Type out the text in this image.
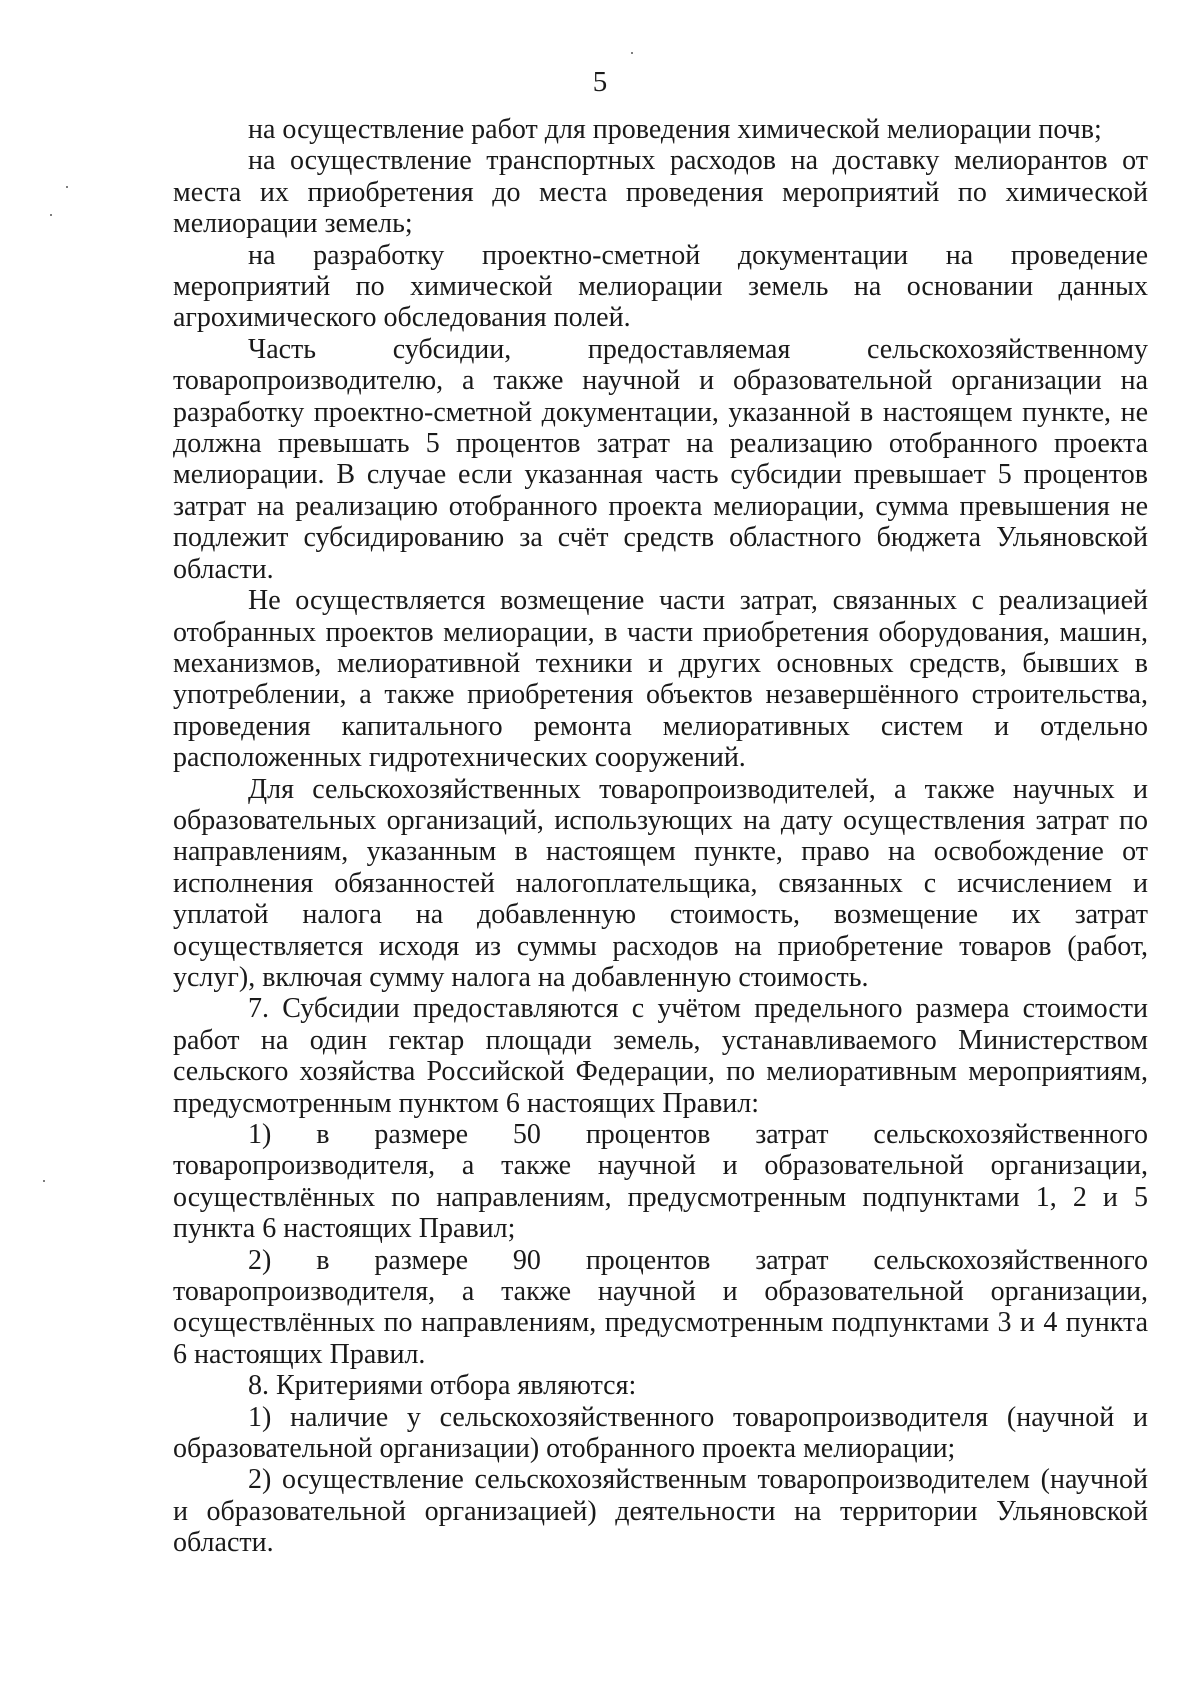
5

на осуществление работ для проведения химической мелиорации почв;

на осуществление транспортных расходов на доставку мелиорантов от места их приобретения до места проведения мероприятий по химической мелиорации земель;

на разработку проектно-сметной документации на проведение мероприятий по химической мелиорации земель на основании данных агрохимического обследования полей.

Часть субсидии, предоставляемая сельскохозяйственному товаропроизводителю, а также научной и образовательной организации на разработку проектно-сметной документации, указанной в настоящем пункте, не должна превышать 5 процентов затрат на реализацию отобранного проекта мелиорации. В случае если указанная часть субсидии превышает 5 процентов затрат на реализацию отобранного проекта мелиорации, сумма превышения не подлежит субсидированию за счёт средств областного бюджета Ульяновской области.

Не осуществляется возмещение части затрат, связанных с реализацией отобранных проектов мелиорации, в части приобретения оборудования, машин, механизмов, мелиоративной техники и других основных средств, бывших в употреблении, а также приобретения объектов незавершённого строительства, проведения капитального ремонта мелиоративных систем и отдельно расположенных гидротехнических сооружений.

Для сельскохозяйственных товаропроизводителей, а также научных и образовательных организаций, использующих на дату осуществления затрат по направлениям, указанным в настоящем пункте, право на освобождение от исполнения обязанностей налогоплательщика, связанных с исчислением и уплатой налога на добавленную стоимость, возмещение их затрат осуществляется исходя из суммы расходов на приобретение товаров (работ, услуг), включая сумму налога на добавленную стоимость.

7. Субсидии предоставляются с учётом предельного размера стоимости работ на один гектар площади земель, устанавливаемого Министерством сельского хозяйства Российской Федерации, по мелиоративным мероприятиям, предусмотренным пунктом 6 настоящих Правил:

1) в размере 50 процентов затрат сельскохозяйственного товаропроизводителя, а также научной и образовательной организации, осуществлённых по направлениям, предусмотренным подпунктами 1, 2 и 5 пункта 6 настоящих Правил;

2) в размере 90 процентов затрат сельскохозяйственного товаропроизводителя, а также научной и образовательной организации, осуществлённых по направлениям, предусмотренным подпунктами 3 и 4 пункта 6 настоящих Правил.

8. Критериями отбора являются:

1) наличие у сельскохозяйственного товаропроизводителя (научной и образовательной организации) отобранного проекта мелиорации;

2) осуществление сельскохозяйственным товаропроизводителем (научной и образовательной организацией) деятельности на территории Ульяновской области.
